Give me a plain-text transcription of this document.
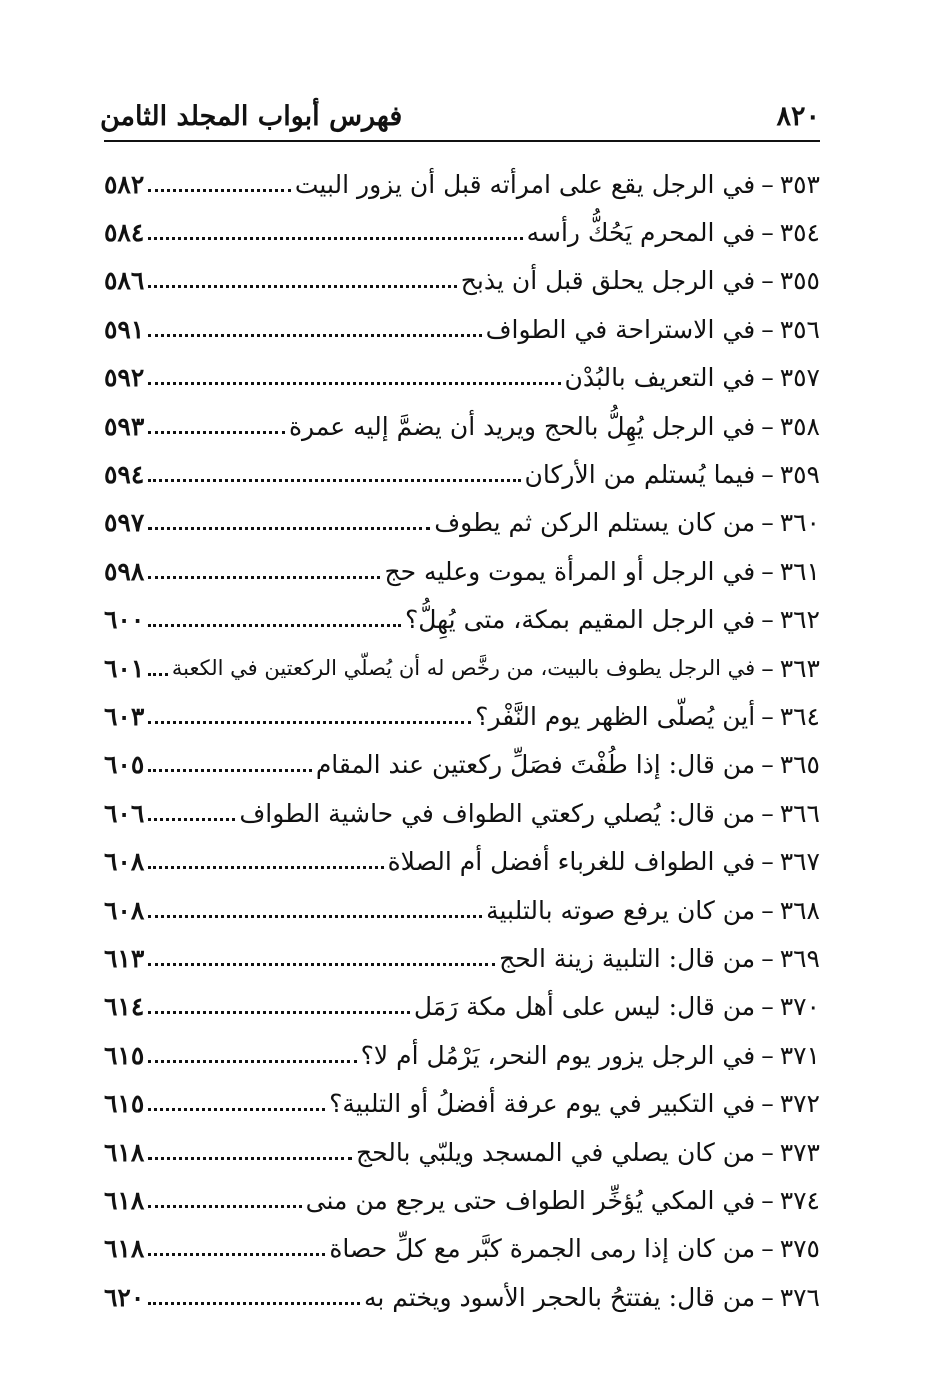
٨٢٠
فهرس أبواب المجلد الثامن
٣٥٣
–
في الرجل يقع على امرأته قبل أن يزور البيت
٥٨٢
٣٥٤
–
في المحرم يَحُكُّ رأسه
٥٨٤
٣٥٥
–
في الرجل يحلق قبل أن يذبح
٥٨٦
٣٥٦
–
في الاستراحة في الطواف
٥٩١
٣٥٧
–
في التعريف بالبُدْن
٥٩٢
٣٥٨
–
في الرجل يُهِلُّ بالحج ويريد أن يضمَّ إليه عمرة
٥٩٣
٣٥٩
–
فيما يُستلم من الأركان
٥٩٤
٣٦٠
–
من كان يستلم الركن ثم يطوف
٥٩٧
٣٦١
–
في الرجل أو المرأة يموت وعليه حج
٥٩٨
٣٦٢
–
في الرجل المقيم بمكة، متى يُهِلُّ؟
٦٠٠
٣٦٣
–
في الرجل يطوف بالبيت، من رخَّص له أن يُصلّي الركعتين في الكعبة
٦٠١
٣٦٤
–
أين يُصلّى الظهر يوم النَّفْر؟
٦٠٣
٣٦٥
–
من قال: إذا طُفْتَ فصَلِّ ركعتين عند المقام
٦٠٥
٣٦٦
–
من قال: يُصلي ركعتي الطواف في حاشية الطواف
٦٠٦
٣٦٧
–
في الطواف للغرباء أفضل أم الصلاة
٦٠٨
٣٦٨
–
من كان يرفع صوته بالتلبية
٦٠٨
٣٦٩
–
من قال: التلبية زينة الحج
٦١٣
٣٧٠
–
من قال: ليس على أهل مكة رَمَل
٦١٤
٣٧١
–
في الرجل يزور يوم النحر، يَرْمُل أم لا؟
٦١٥
٣٧٢
–
في التكبير في يوم عرفة أفضلُ أو التلبية؟
٦١٥
٣٧٣
–
من كان يصلي في المسجد ويلبّي بالحج
٦١٨
٣٧٤
–
في المكي يُؤخِّر الطواف حتى يرجع من منى
٦١٨
٣٧٥
–
من كان إذا رمى الجمرة كبَّر مع كلِّ حصاة
٦١٨
٣٧٦
–
من قال: يفتتحُ بالحجر الأسود ويختم به
٦٢٠
